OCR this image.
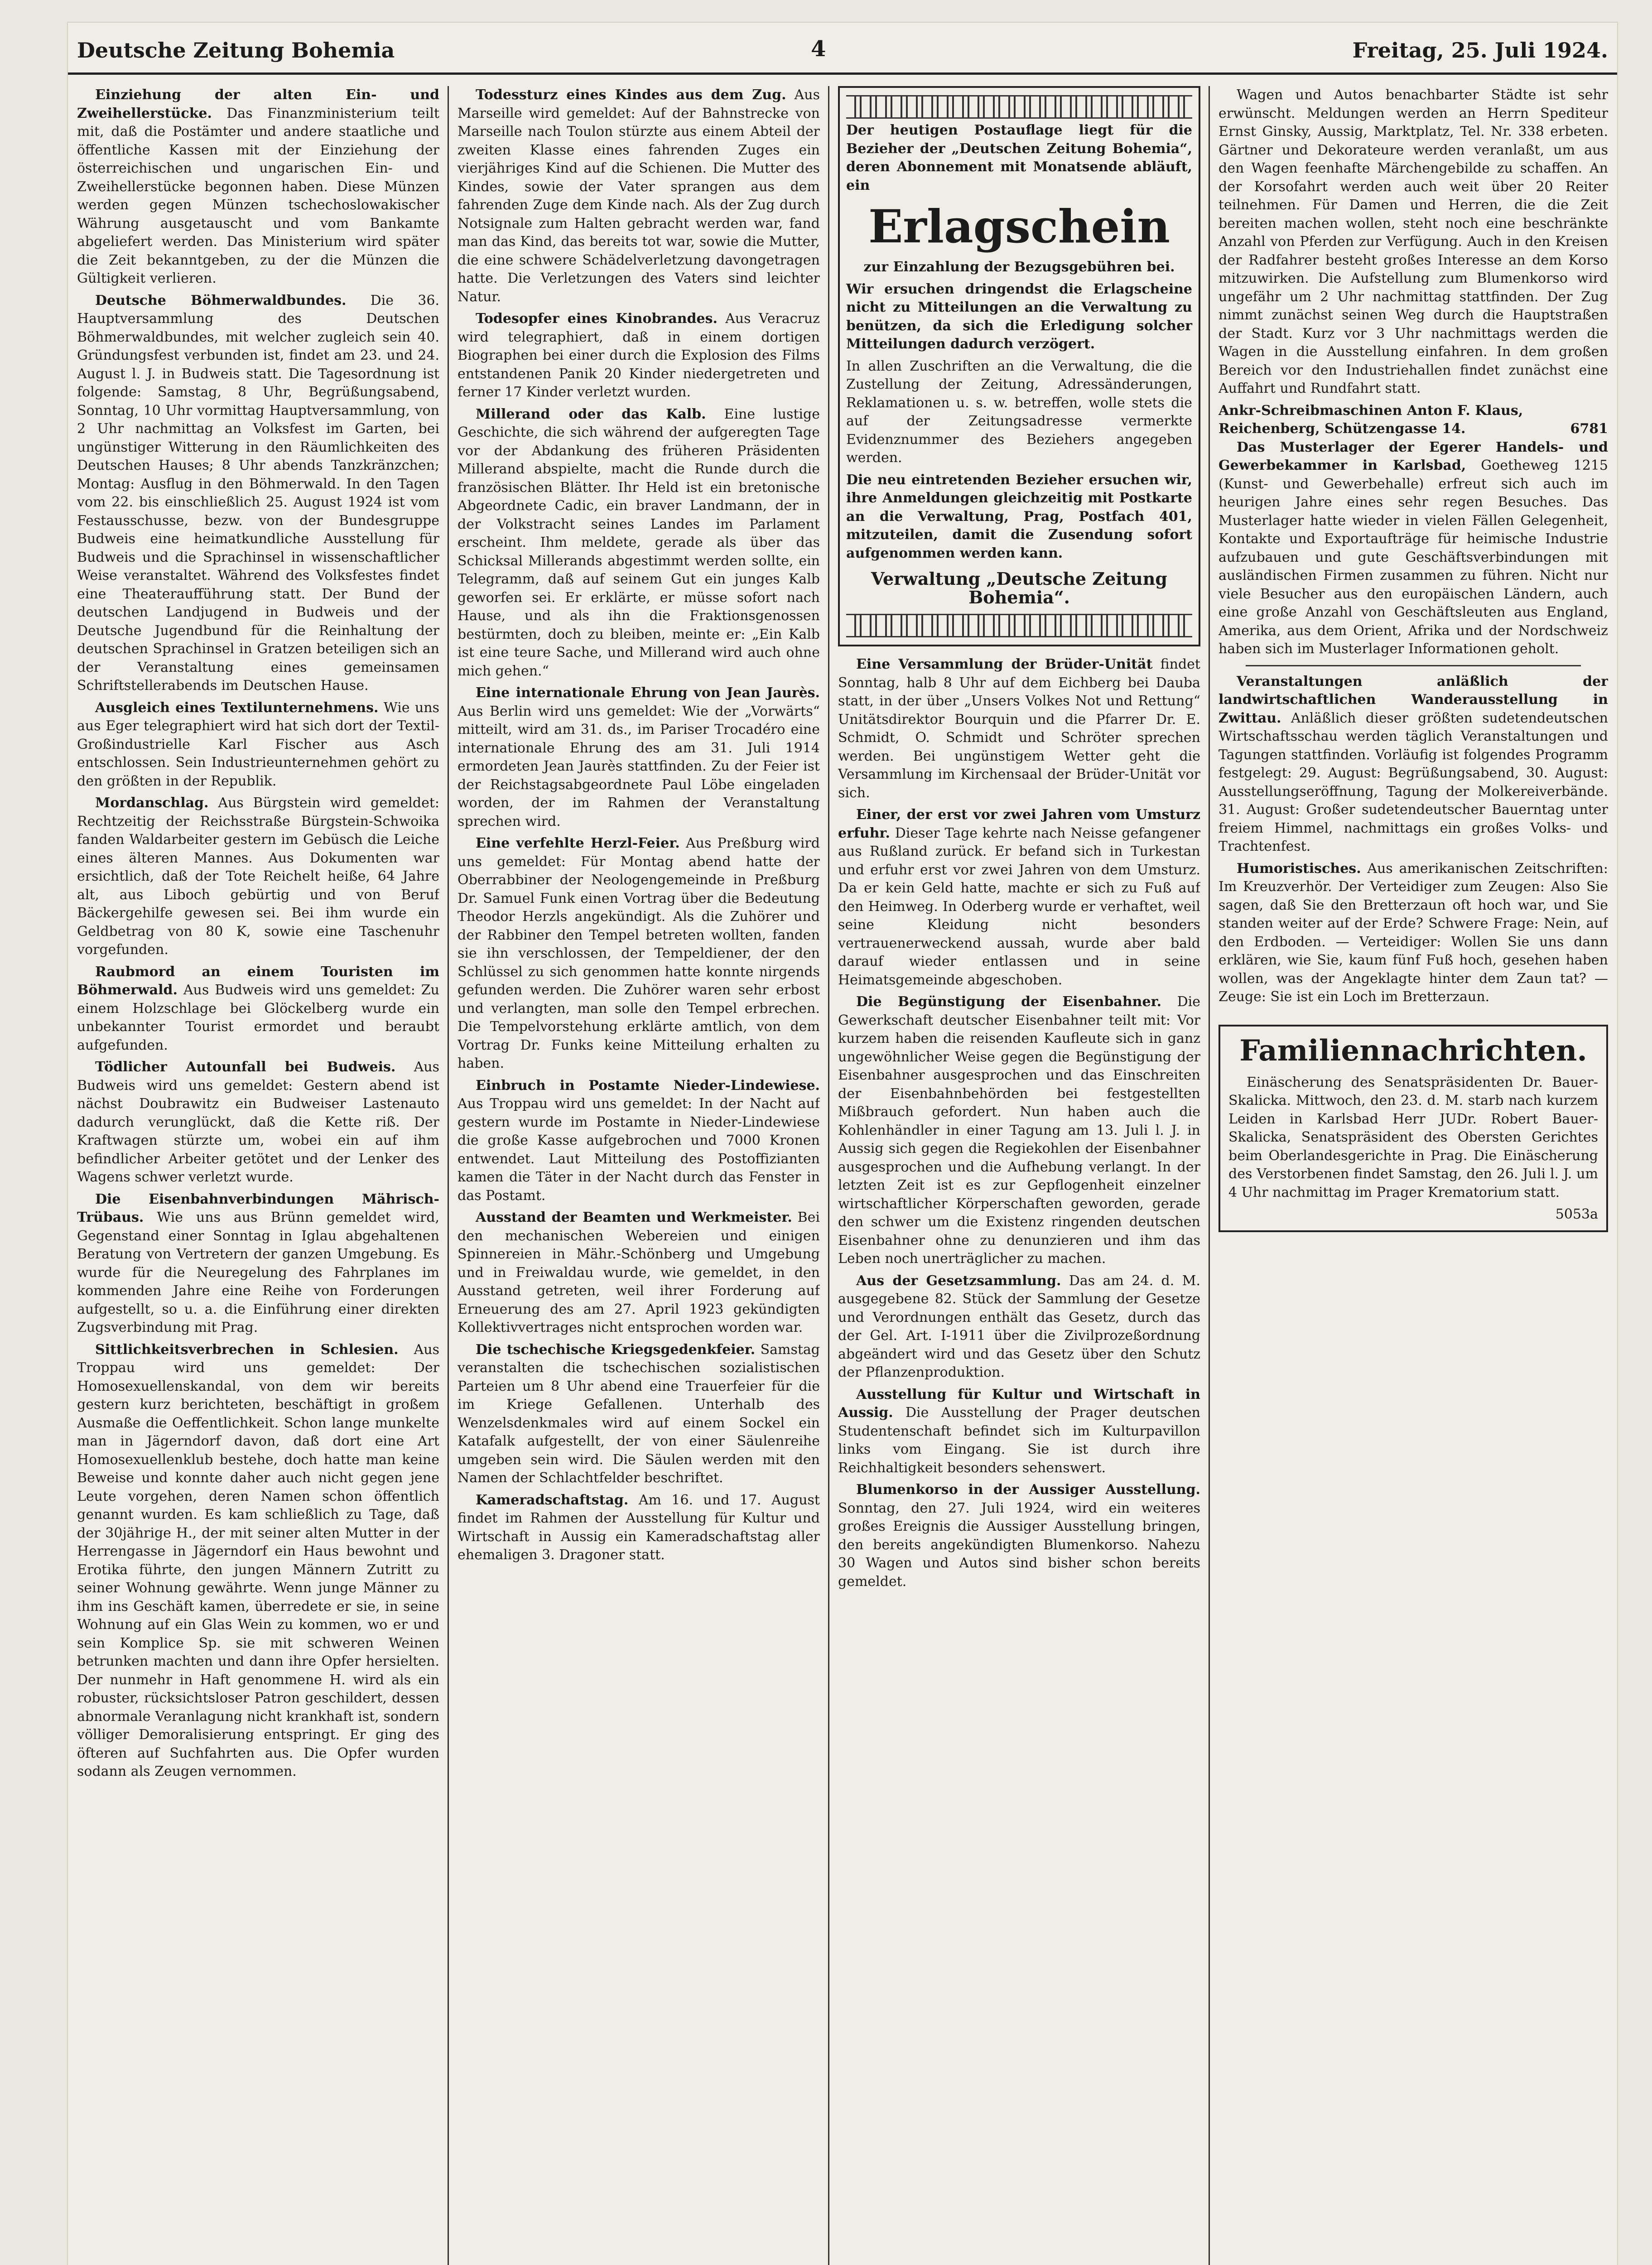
Deutsche Zeitung Bohemia	4	Freitag, 25. Juli 1924.

Einziehung der alten Ein- und Zweihellerstücke. Das Finanzministerium teilt mit, daß die Postämter und andere staatliche und öffentliche Kassen mit der Einziehung der österreichischen und ungarischen Ein- und Zweihellerstücke begonnen haben. Diese Münzen werden gegen Münzen tschechoslowakischer Währung ausgetauscht und vom Bankamte abgeliefert werden. Das Ministerium wird später die Zeit bekanntgeben, zu der die Münzen die Gültigkeit verlieren.

Deutsche Böhmerwaldbundes. Die 36. Hauptversammlung des Deutschen Böhmerwaldbundes, mit welcher zugleich sein 40. Gründungsfest verbunden ist, findet am 23. und 24. August l. J. in Budweis statt. Die Tagesordnung ist folgende: Samstag, 8 Uhr, Begrüßungsabend, Sonntag, 10 Uhr vormittag Hauptversammlung, von 2 Uhr nachmittag an Volksfest im Garten, bei ungünstiger Witterung in den Räumlichkeiten des Deutschen Hauses; 8 Uhr abends Tanzkränzchen; Montag: Ausflug in den Böhmerwald. In den Tagen vom 22. bis einschließlich 25. August 1924 ist vom Festausschusse, bezw. von der Bundesgruppe Budweis eine heimatkundliche Ausstellung für Budweis und die Sprachinsel in wissenschaftlicher Weise veranstaltet. Während des Volksfestes findet eine Theateraufführung statt. Der Bund der deutschen Landjugend in Budweis und der Deutsche Jugendbund für die Reinhaltung der deutschen Sprachinsel in Gratzen beteiligen sich an der Veranstaltung eines gemeinsamen Schriftstellerabends im Deutschen Hause.

Ausgleich eines Textilunternehmens. Wie uns aus Eger telegraphiert wird hat sich dort der Textil-Großindustrielle Karl Fischer aus Asch entschlossen. Sein Industrieunternehmen gehört zu den größten in der Republik.

Mordanschlag. Aus Bürgstein wird gemeldet: Rechtzeitig der Reichsstraße Bürgstein-Schwoika fanden Waldarbeiter gestern im Gebüsch die Leiche eines älteren Mannes. Aus Dokumenten war ersichtlich, daß der Tote Reichelt heiße, 64 Jahre alt, aus Liboch gebürtig und von Beruf Bäckergehilfe gewesen sei. Bei ihm wurde ein Geldbetrag von 80 K, sowie eine Taschenuhr vorgefunden.

Raubmord an einem Touristen im Böhmerwald. Aus Budweis wird uns gemeldet: Zu einem Holzschlage bei Glöckelberg wurde ein unbekannter Tourist ermordet und beraubt aufgefunden.

Tödlicher Autounfall bei Budweis. Aus Budweis wird uns gemeldet: Gestern abend ist nächst Doubrawitz ein Budweiser Lastenauto dadurch verunglückt, daß die Kette riß. Der Kraftwagen stürzte um, wobei ein auf ihm befindlicher Arbeiter getötet und der Lenker des Wagens schwer verletzt wurde.

Die Eisenbahnverbindungen Mährisch-Trübaus. Wie uns aus Brünn gemeldet wird, Gegenstand einer Sonntag in Iglau abgehaltenen Beratung von Vertretern der ganzen Umgebung. Es wurde für die Neuregelung des Fahrplanes im kommenden Jahre eine Reihe von Forderungen aufgestellt, so u. a. die Einführung einer direkten Zugsverbindung mit Prag.

Sittlichkeitsverbrechen in Schlesien. Aus Troppau wird uns gemeldet: Der Homosexuellenskandal, von dem wir bereits gestern kurz berichteten, beschäftigt in großem Ausmaße die Oeffentlichkeit. Schon lange munkelte man in Jägerndorf davon, daß dort eine Art Homosexuellenklub bestehe, doch hatte man keine Beweise und konnte daher auch nicht gegen jene Leute vorgehen, deren Namen schon öffentlich genannt wurden. Es kam schließlich zu Tage, daß der 30jährige H., der mit seiner alten Mutter in der Herrengasse in Jägerndorf ein Haus bewohnt und Erotika führte, den jungen Männern Zutritt zu seiner Wohnung gewährte. Wenn junge Männer zu ihm ins Geschäft kamen, überredete er sie, in seine Wohnung auf ein Glas Wein zu kommen, wo er und sein Komplice Sp. sie mit schweren Weinen betrunken machten und dann ihre Opfer hersielten. Der nunmehr in Haft genommene H. wird als ein robuster, rücksichtsloser Patron geschildert, dessen abnormale Veranlagung nicht krankhaft ist, sondern völliger Demoralisierung entspringt. Er ging des öfteren auf Suchfahrten aus. Die Opfer wurden sodann als Zeugen vernommen.

Todessturz eines Kindes aus dem Zug. Aus Marseille wird gemeldet: Auf der Bahnstrecke von Marseille nach Toulon stürzte aus einem Abteil der zweiten Klasse eines fahrenden Zuges ein vierjähriges Kind auf die Schienen. Die Mutter des Kindes, sowie der Vater sprangen aus dem fahrenden Zuge dem Kinde nach. Als der Zug durch Notsignale zum Halten gebracht werden war, fand man das Kind, das bereits tot war, sowie die Mutter, die eine schwere Schädelverletzung davongetragen hatte. Die Verletzungen des Vaters sind leichter Natur.

Todesopfer eines Kinobrandes. Aus Veracruz wird telegraphiert, daß in einem dortigen Biographen bei einer durch die Explosion des Films entstandenen Panik 20 Kinder niedergetreten und ferner 17 Kinder verletzt wurden.

Millerand oder das Kalb. Eine lustige Geschichte, die sich während der aufgeregten Tage vor der Abdankung des früheren Präsidenten Millerand abspielte, macht die Runde durch die französischen Blätter. Ihr Held ist ein bretonische Abgeordnete Cadic, ein braver Landmann, der in der Volkstracht seines Landes im Parlament erscheint. Ihm meldete, gerade als über das Schicksal Millerands abgestimmt werden sollte, ein Telegramm, daß auf seinem Gut ein junges Kalb geworfen sei. Er erklärte, er müsse sofort nach Hause, und als ihn die Fraktionsgenossen bestürmten, doch zu bleiben, meinte er: „Ein Kalb ist eine teure Sache, und Millerand wird auch ohne mich gehen.“

Eine internationale Ehrung von Jean Jaurès. Aus Berlin wird uns gemeldet: Wie der „Vorwärts“ mitteilt, wird am 31. ds., im Pariser Trocadéro eine internationale Ehrung des am 31. Juli 1914 ermordeten Jean Jaurès stattfinden. Zu der Feier ist der Reichstagsabgeordnete Paul Löbe eingeladen worden, der im Rahmen der Veranstaltung sprechen wird.

Eine verfehlte Herzl-Feier. Aus Preßburg wird uns gemeldet: Für Montag abend hatte der Oberrabbiner der Neologengemeinde in Preßburg Dr. Samuel Funk einen Vortrag über die Bedeutung Theodor Herzls angekündigt. Als die Zuhörer und der Rabbiner den Tempel betreten wollten, fanden sie ihn verschlossen, der Tempeldiener, der den Schlüssel zu sich genommen hatte konnte nirgends gefunden werden. Die Zuhörer waren sehr erbost und verlangten, man solle den Tempel erbrechen. Die Tempelvorstehung erklärte amtlich, von dem Vortrag Dr. Funks keine Mitteilung erhalten zu haben.

Einbruch in Postamte Nieder-Lindewiese. Aus Troppau wird uns gemeldet: In der Nacht auf gestern wurde im Postamte in Nieder-Lindewiese die große Kasse aufgebrochen und 7000 Kronen entwendet. Laut Mitteilung des Postoffizianten kamen die Täter in der Nacht durch das Fenster in das Postamt.

Ausstand der Beamten und Werkmeister. Bei den mechanischen Webereien und einigen Spinnereien in Mähr.-Schönberg und Umgebung und in Freiwaldau wurde, wie gemeldet, in den Ausstand getreten, weil ihrer Forderung auf Erneuerung des am 27. April 1923 gekündigten Kollektivvertrages nicht entsprochen worden war.

Die tschechische Kriegsgedenkfeier. Samstag veranstalten die tschechischen sozialistischen Parteien um 8 Uhr abend eine Trauerfeier für die im Kriege Gefallenen. Unterhalb des Wenzelsdenkmales wird auf einem Sockel ein Katafalk aufgestellt, der von einer Säulenreihe umgeben sein wird. Die Säulen werden mit den Namen der Schlachtfelder beschriftet.

Kameradschaftstag. Am 16. und 17. August findet im Rahmen der Ausstellung für Kultur und Wirtschaft in Aussig ein Kameradschaftstag aller ehemaligen 3. Dragoner statt.

Der heutigen Postauflage liegt für die Bezieher der „Deutschen Zeitung Bohemia“, deren Abonnement mit Monatsende abläuft, ein

Erlagschein

zur Einzahlung der Bezugsgebühren bei.

Wir ersuchen dringendst die Erlagscheine nicht zu Mitteilungen an die Verwaltung zu benützen, da sich die Erledigung solcher Mitteilungen dadurch verzögert.

In allen Zuschriften an die Verwaltung, die die Zustellung der Zeitung, Adressänderungen, Reklamationen u. s. w. betreffen, wolle stets die auf der Zeitungsadresse vermerkte Evidenznummer des Beziehers angegeben werden.

Die neu eintretenden Bezieher ersuchen wir, ihre Anmeldungen gleichzeitig mit Postkarte an die Verwaltung, Prag, Postfach 401, mitzuteilen, damit die Zusendung sofort aufgenommen werden kann.

Verwaltung „Deutsche Zeitung Bohemia“.

Eine Versammlung der Brüder-Unität findet Sonntag, halb 8 Uhr auf dem Eichberg bei Dauba statt, in der über „Unsers Volkes Not und Rettung“ Unitätsdirektor Bourquin und die Pfarrer Dr. E. Schmidt, O. Schmidt und Schröter sprechen werden. Bei ungünstigem Wetter geht die Versammlung im Kirchensaal der Brüder-Unität vor sich.

Einer, der erst vor zwei Jahren vom Umsturz erfuhr. Dieser Tage kehrte nach Neisse gefangener aus Rußland zurück. Er befand sich in Turkestan und erfuhr erst vor zwei Jahren von dem Umsturz. Da er kein Geld hatte, machte er sich zu Fuß auf den Heimweg. In Oderberg wurde er verhaftet, weil seine Kleidung nicht besonders vertrauenerweckend aussah, wurde aber bald darauf wieder entlassen und in seine Heimatsgemeinde abgeschoben.

Die Begünstigung der Eisenbahner. Die Gewerkschaft deutscher Eisenbahner teilt mit: Vor kurzem haben die reisenden Kaufleute sich in ganz ungewöhnlicher Weise gegen die Begünstigung der Eisenbahner ausgesprochen und das Einschreiten der Eisenbahnbehörden bei festgestellten Mißbrauch gefordert. Nun haben auch die Kohlenhändler in einer Tagung am 13. Juli l. J. in Aussig sich gegen die Regiekohlen der Eisenbahner ausgesprochen und die Aufhebung verlangt. In der letzten Zeit ist es zur Gepflogenheit einzelner wirtschaftlicher Körperschaften geworden, gerade den schwer um die Existenz ringenden deutschen Eisenbahner ohne zu denunzieren und ihm das Leben noch unerträglicher zu machen.

Aus der Gesetzsammlung. Das am 24. d. M. ausgegebene 82. Stück der Sammlung der Gesetze und Verordnungen enthält das Gesetz, durch das der Gel. Art. I-1911 über die Zivilprozeßordnung abgeändert wird und das Gesetz über den Schutz der Pflanzenproduktion.

Ausstellung für Kultur und Wirtschaft in Aussig. Die Ausstellung der Prager deutschen Studentenschaft befindet sich im Kulturpavillon links vom Eingang. Sie ist durch ihre Reichhaltigkeit besonders sehenswert.

Blumenkorso in der Aussiger Ausstellung. Sonntag, den 27. Juli 1924, wird ein weiteres großes Ereignis die Aussiger Ausstellung bringen, den bereits angekündigten Blumenkorso. Nahezu 30 Wagen und Autos sind bisher schon bereits gemeldet.

Wagen und Autos benachbarter Städte ist sehr erwünscht. Meldungen werden an Herrn Spediteur Ernst Ginsky, Aussig, Marktplatz, Tel. Nr. 338 erbeten. Gärtner und Dekorateure werden veranlaßt, um aus den Wagen feenhafte Märchengebilde zu schaffen. An der Korsofahrt werden auch weit über 20 Reiter teilnehmen. Für Damen und Herren, die die Zeit bereiten machen wollen, steht noch eine beschränkte Anzahl von Pferden zur Verfügung. Auch in den Kreisen der Radfahrer besteht großes Interesse an dem Korso mitzuwirken. Die Aufstellung zum Blumenkorso wird ungefähr um 2 Uhr nachmittag stattfinden. Der Zug nimmt zunächst seinen Weg durch die Hauptstraßen der Stadt. Kurz vor 3 Uhr nachmittags werden die Wagen in die Ausstellung einfahren. In dem großen Bereich vor den Industriehallen findet zunächst eine Auffahrt und Rundfahrt statt.

Ankr-Schreibmaschinen Anton F. Klaus,
Reichenberg, Schützengasse 14.	6781

Das Musterlager der Egerer Handels- und Gewerbekammer in Karlsbad, Goetheweg 1215 (Kunst- und Gewerbehalle) erfreut sich auch im heurigen Jahre eines sehr regen Besuches. Das Musterlager hatte wieder in vielen Fällen Gelegenheit, Kontakte und Exportaufträge für heimische Industrie aufzubauen und gute Geschäftsverbindungen mit ausländischen Firmen zusammen zu führen. Nicht nur viele Besucher aus den europäischen Ländern, auch eine große Anzahl von Geschäftsleuten aus England, Amerika, aus dem Orient, Afrika und der Nordschweiz haben sich im Musterlager Informationen geholt.

Veranstaltungen anläßlich der landwirtschaftlichen Wanderausstellung in Zwittau. Anläßlich dieser größten sudetendeutschen Wirtschaftsschau werden täglich Veranstaltungen und Tagungen stattfinden. Vorläufig ist folgendes Programm festgelegt: 29. August: Begrüßungsabend, 30. August: Ausstellungseröffnung, Tagung der Molkereiverbände. 31. August: Großer sudetendeutscher Bauerntag unter freiem Himmel, nachmittags ein großes Volks- und Trachtenfest.

Humoristisches. Aus amerikanischen Zeitschriften: Im Kreuzverhör. Der Verteidiger zum Zeugen: Also Sie sagen, daß Sie den Bretterzaun oft hoch war, und Sie standen weiter auf der Erde? Schwere Frage: Nein, auf den Erdboden. — Verteidiger: Wollen Sie uns dann erklären, wie Sie, kaum fünf Fuß hoch, gesehen haben wollen, was der Angeklagte hinter dem Zaun tat? — Zeuge: Sie ist ein Loch im Bretterzaun.

Familiennachrichten.

Einäscherung des Senatspräsidenten Dr. Bauer-Skalicka. Mittwoch, den 23. d. M. starb nach kurzem Leiden in Karlsbad Herr JUDr. Robert Bauer-Skalicka, Senatspräsident des Obersten Gerichtes beim Oberlandesgerichte in Prag. Die Einäscherung des Verstorbenen findet Samstag, den 26. Juli l. J. um 4 Uhr nachmittag im Prager Krematorium statt.

5053a
